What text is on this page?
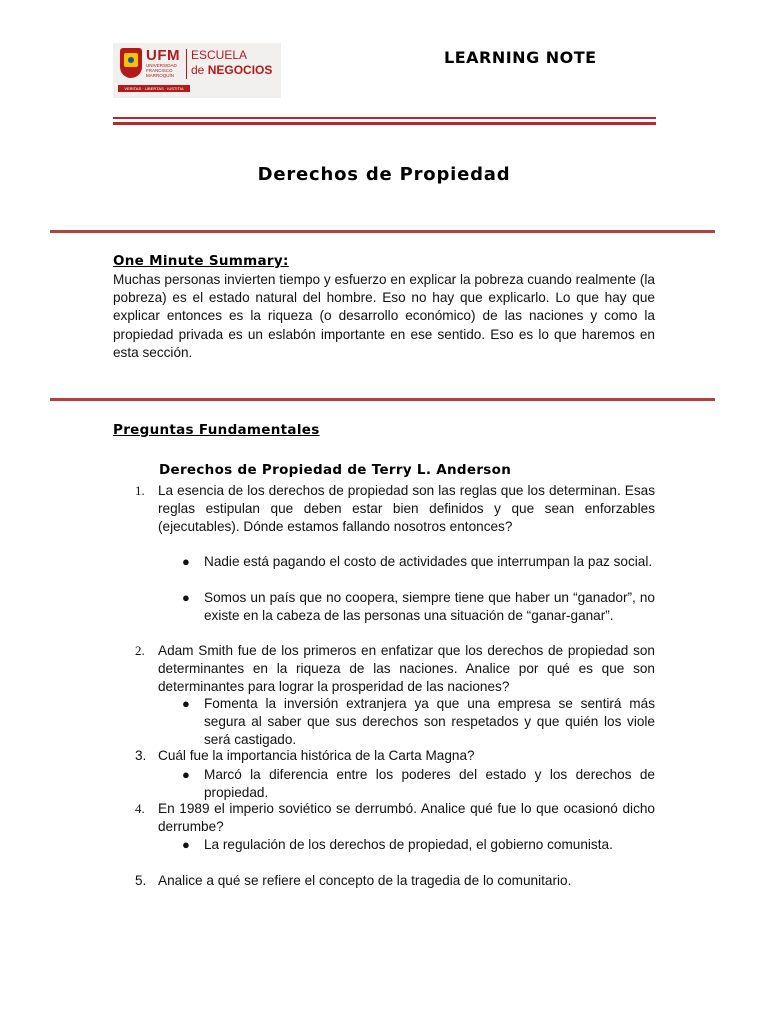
UFM
UNIVERSIDAD FRANCISCO MARROQUÍN
ESCUELA
de NEGOCIOS
VERITAS · LIBERTAS · IUSTITIA
LEARNING NOTE
Derechos de Propiedad
One Minute Summary:

Muchas personas invierten tiempo y esfuerzo en explicar la pobreza cuando realmente (la pobreza) es el estado natural del hombre. Eso no hay que explicarlo. Lo que hay que explicar entonces es la riqueza (o desarrollo económico) de las naciones y como la propiedad privada es un eslabón importante en ese sentido. Eso es lo que haremos en esta sección.

Preguntas Fundamentales
Derechos de Propiedad de Terry L. Anderson
1. La esencia de los derechos de propiedad son las reglas que los determinan. Esas reglas estipulan que deben estar bien definidos y que sean enforzables (ejecutables). Dónde estamos fallando nosotros entonces?

● Nadie está pagando el costo de actividades que interrumpan la paz social.

● Somos un país que no coopera, siempre tiene que haber un “ganador”, no existe en la cabeza de las personas una situación de “ganar-ganar”.

2. Adam Smith fue de los primeros en enfatizar que los derechos de propiedad son determinantes en la riqueza de las naciones. Analice por qué es que son determinantes para lograr la prosperidad de las naciones?

● Fomenta la inversión extranjera ya que una empresa se sentirá más segura al saber que sus derechos son respetados y que quién los viole será castigado.

3. Cuál fue la importancia histórica de la Carta Magna?

● Marcó la diferencia entre los poderes del estado y los derechos de propiedad.

4. En 1989 el imperio soviético se derrumbó. Analice qué fue lo que ocasionó dicho derrumbe?

● La regulación de los derechos de propiedad, el gobierno comunista.

5. Analice a qué se refiere el concepto de la tragedia de lo comunitario.
